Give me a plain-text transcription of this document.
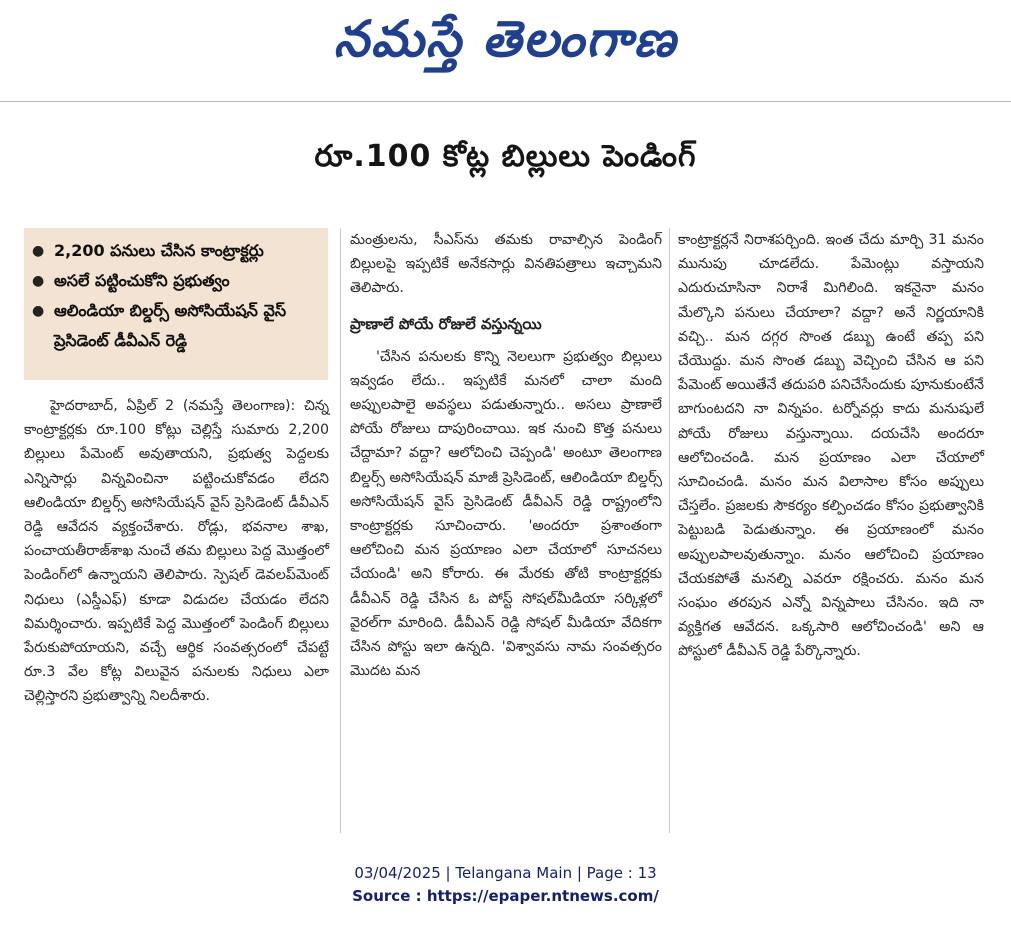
నమస్తే తెలంగాణ
రూ.100 కోట్ల బిల్లులు పెండింగ్
● 2,200 పనులు చేసిన కాంట్రాక్టర్లు
● అసలే పట్టించుకోని ప్రభుత్వం
● ఆలిండియా బిల్డర్స్ అసోసియేషన్ వైస్ ప్రెసిడెంట్ డీవీఎన్ రెడ్డి

హైదరాబాద్, ఏప్రిల్ 2 (నమస్తే తెలంగాణ): చిన్న కాంట్రాక్టర్లకు రూ.100 కోట్లు చెల్లిస్తే సుమారు 2,200 బిల్లులు పేమెంట్ అవుతాయని, ప్రభుత్వ పెద్దలకు ఎన్నిసార్లు విన్నవించినా పట్టించుకోవడం లేదని ఆలిండియా బిల్డర్స్ అసోసియేషన్ వైస్ ప్రెసిడెంట్ డీవీఎన్ రెడ్డి ఆవేదన వ్యక్తంచేశారు. రోడ్లు, భవనాల శాఖ, పంచాయతీరాజ్‌శాఖ నుంచే తమ బిల్లులు పెద్ద మొత్తంలో పెండింగ్‌లో ఉన్నాయని తెలిపారు. స్పెషల్ డెవలప్‌మెంట్ నిధులు (ఎస్డీఎఫ్) కూడా విడుదల చేయడం లేదని విమర్శించారు. ఇప్పటికే పెద్ద మొత్తంలో పెండింగ్ బిల్లులు పేరుకుపోయాయని, వచ్చే ఆర్థిక సంవత్సరంలో చేపట్టే రూ.3 వేల కోట్ల విలువైన పనులకు నిధులు ఎలా చెల్లిస్తారని ప్రభుత్వాన్ని నిలదీశారు.

మంత్రులను, సీఎస్‌ను తమకు రావాల్సిన పెండింగ్ బిల్లులపై ఇప్పటికే అనేకసార్లు వినతిపత్రాలు ఇచ్చామని తెలిపారు.

ప్రాణాలే పోయే రోజులే వస్తున్నయి

'చేసిన పనులకు కొన్ని నెలలుగా ప్రభుత్వం బిల్లులు ఇవ్వడం లేదు.. ఇప్పటికే మనలో చాలా మంది అప్పులపాలై అవస్థలు పడుతున్నారు.. అసలు ప్రాణాలే పోయే రోజులు దాపురించాయి. ఇక నుంచి కొత్త పనులు చేద్దామా? వద్దా? ఆలోచించి చెప్పండి' అంటూ తెలంగాణ బిల్డర్స్ అసోసియేషన్ మాజీ ప్రెసిడెంట్, ఆలిండియా బిల్డర్స్ అసోసియేషన్ వైస్ ప్రెసిడెంట్ డీవీఎన్ రెడ్డి రాష్ట్రంలోని కాంట్రాక్టర్లకు సూచించారు. 'అందరూ ప్రశాంతంగా ఆలోచించి మన ప్రయాణం ఎలా చేయాలో సూచనలు చేయండి' అని కోరారు. ఈ మేరకు తోటి కాంట్రాక్టర్లకు డీవీఎన్ రెడ్డి చేసిన ఓ పోస్ట్ సోషల్‌మీడియా సర్కిళ్లలో వైరల్‌గా మారింది. డీవీఎన్ రెడ్డి సోషల్ మీడియా వేదికగా చేసిన పోస్టు ఇలా ఉన్నది. 'విశ్వావసు నామ సంవత్సరం మొదట మన

కాంట్రాక్టర్లనే నిరాశపర్చింది. ఇంత చేదు మార్చి 31 మనం మునుపు చూడలేదు. పేమెంట్లు వస్తాయని ఎదురుచూసినా నిరాశే మిగిలింది. ఇకనైనా మనం మేల్కొని పనులు చేయాలా? వద్దా? అనే నిర్ణయానికి వచ్చి.. మన దగ్గర సొంత డబ్బు ఉంటే తప్ప పని చేయొద్దు. మన సొంత డబ్బు వెచ్చించి చేసిన ఆ పని పేమెంట్ అయితేనే తదుపరి పనిచేసేందుకు పూనుకుంటేనే బాగుంటదని నా విన్నపం. టర్నోవర్లు కాదు మనుషులే పోయే రోజులు వస్తున్నాయి. దయచేసి అందరూ ఆలోచించండి. మన ప్రయాణం ఎలా చేయాలో సూచించండి. మనం మన విలాసాల కోసం అప్పులు చేస్తలేం. ప్రజలకు సౌకర్యం కల్పించడం కోసం ప్రభుత్వానికి పెట్టుబడి పెడుతున్నాం. ఈ ప్రయాణంలో మనం అప్పులపాలవుతున్నాం. మనం ఆలోచించి ప్రయాణం చేయకపోతే మనల్ని ఎవరూ రక్షించరు. మనం మన సంఘం తరపున ఎన్నో విన్నపాలు చేసినం. ఇది నా వ్యక్తిగత ఆవేదన. ఒక్కసారి ఆలోచించండి' అని ఆ పోస్టులో డీవీఎన్ రెడ్డి పేర్కొన్నారు.

03/04/2025 | Telangana Main | Page : 13
Source : https://epaper.ntnews.com/
